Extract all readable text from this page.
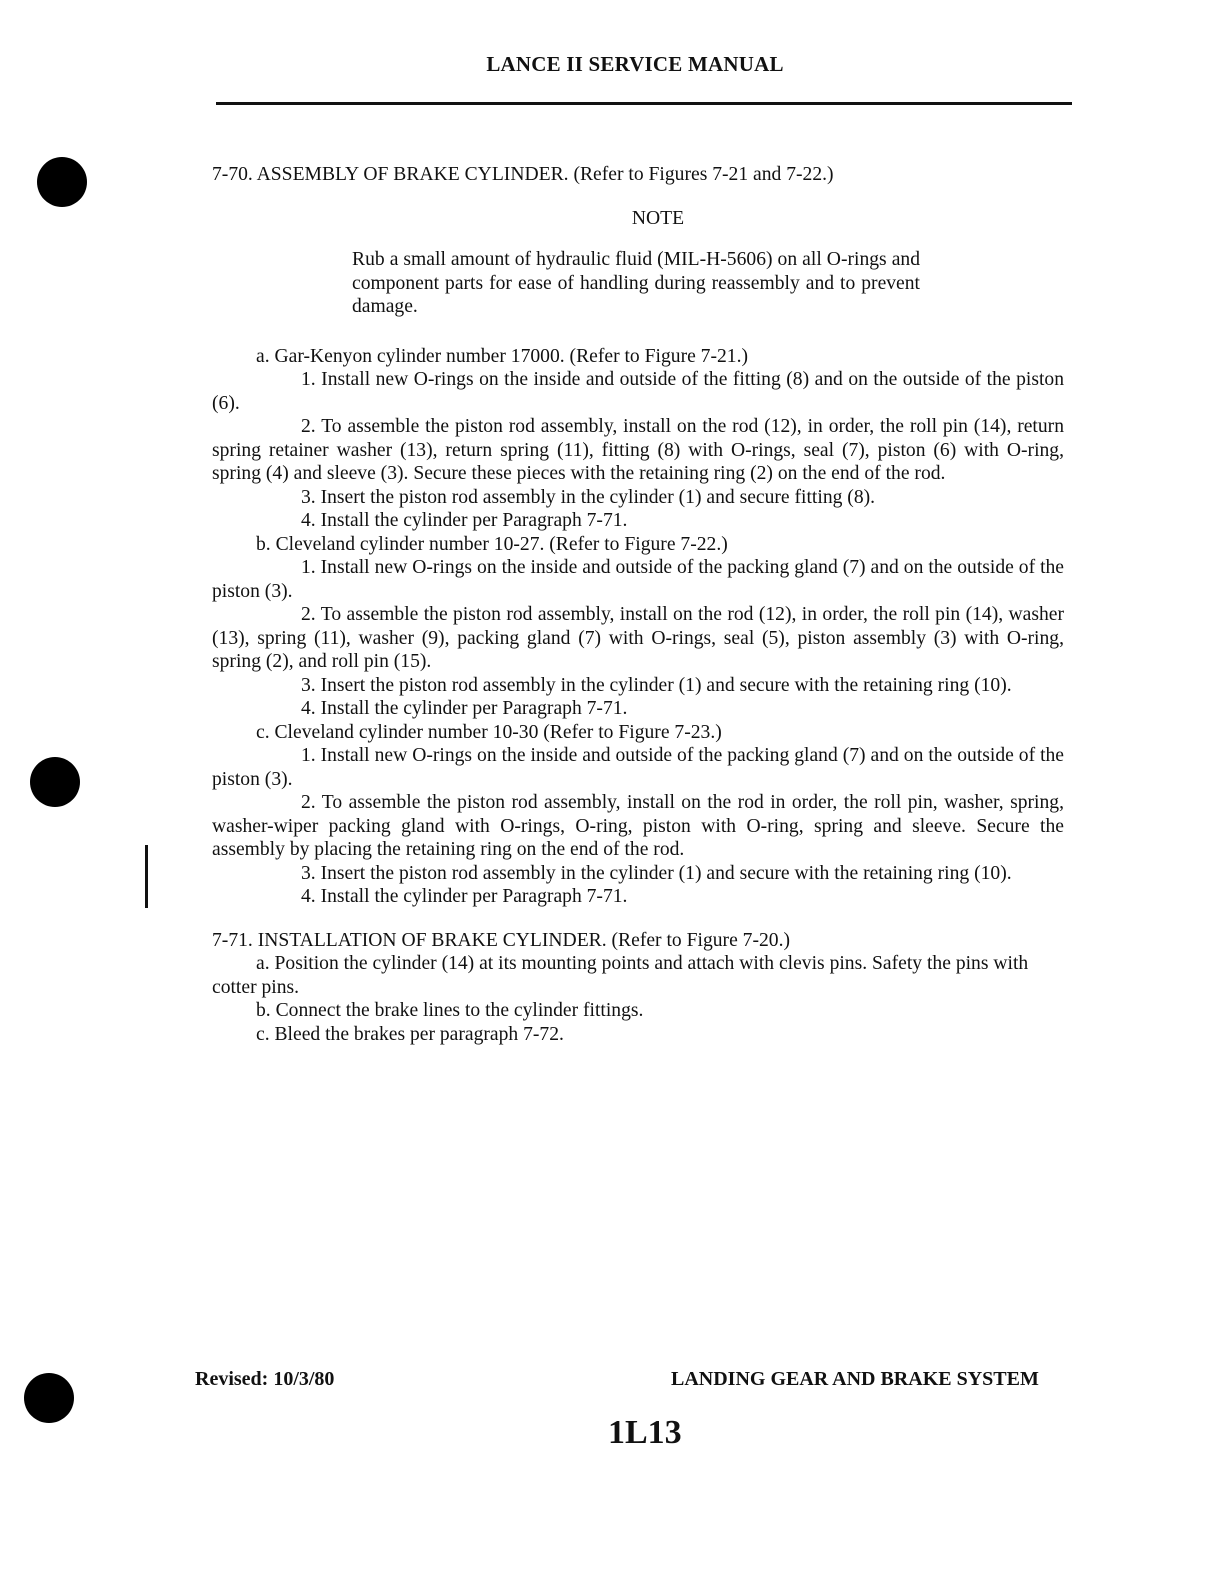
LANCE II SERVICE MANUAL

7-70. ASSEMBLY OF BRAKE CYLINDER. (Refer to Figures 7-21 and 7-22.)

NOTE

Rub a small amount of hydraulic fluid (MIL-H-5606) on all O-rings and component parts for ease of handling during reassembly and to prevent damage.

a. Gar-Kenyon cylinder number 17000. (Refer to Figure 7-21.)

1. Install new O-rings on the inside and outside of the fitting (8) and on the outside of the piston (6).

2. To assemble the piston rod assembly, install on the rod (12), in order, the roll pin (14), return spring retainer washer (13), return spring (11), fitting (8) with O-rings, seal (7), piston (6) with O-ring, spring (4) and sleeve (3). Secure these pieces with the retaining ring (2) on the end of the rod.

3. Insert the piston rod assembly in the cylinder (1) and secure fitting (8).

4. Install the cylinder per Paragraph 7-71.

b. Cleveland cylinder number 10-27. (Refer to Figure 7-22.)

1. Install new O-rings on the inside and outside of the packing gland (7) and on the outside of the piston (3).

2. To assemble the piston rod assembly, install on the rod (12), in order, the roll pin (14), washer (13), spring (11), washer (9), packing gland (7) with O-rings, seal (5), piston assembly (3) with O-ring, spring (2), and roll pin (15).

3. Insert the piston rod assembly in the cylinder (1) and secure with the retaining ring (10).

4. Install the cylinder per Paragraph 7-71.

c. Cleveland cylinder number 10-30 (Refer to Figure 7-23.)

1. Install new O-rings on the inside and outside of the packing gland (7) and on the outside of the piston (3).

2. To assemble the piston rod assembly, install on the rod in order, the roll pin, washer, spring, washer-wiper packing gland with O-rings, O-ring, piston with O-ring, spring and sleeve. Secure the assembly by placing the retaining ring on the end of the rod.

3. Insert the piston rod assembly in the cylinder (1) and secure with the retaining ring (10).

4. Install the cylinder per Paragraph 7-71.

7-71. INSTALLATION OF BRAKE CYLINDER. (Refer to Figure 7-20.)

a. Position the cylinder (14) at its mounting points and attach with clevis pins. Safety the pins with cotter pins.

b. Connect the brake lines to the cylinder fittings.

c. Bleed the brakes per paragraph 7-72.

Revised: 10/3/80	LANDING GEAR AND BRAKE SYSTEM
1L13
